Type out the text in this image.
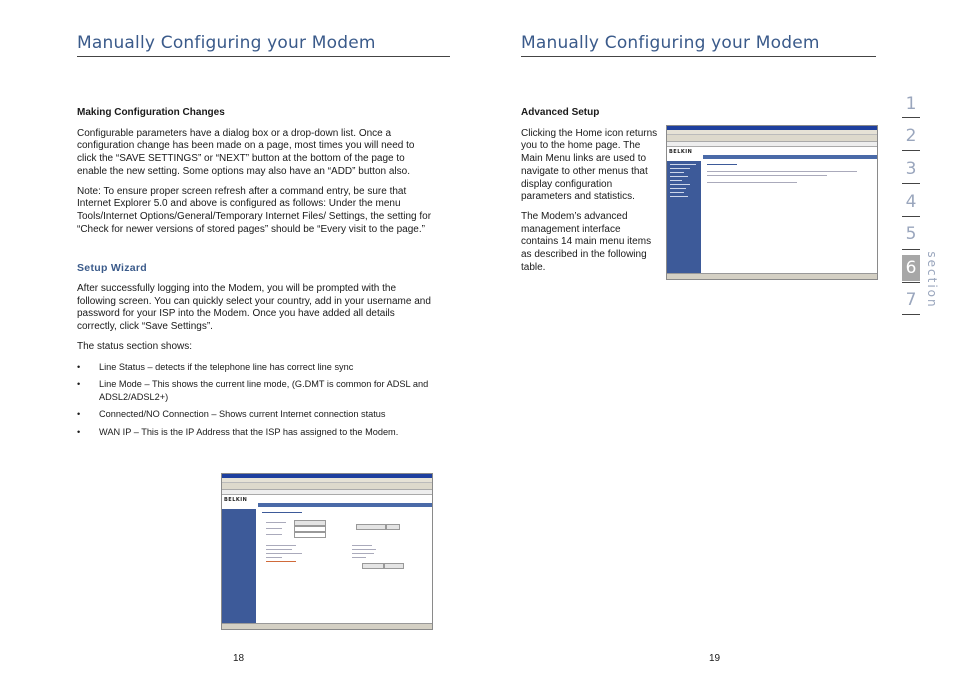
Manually Configuring your Modem

Making Configuration Changes

Configurable parameters have a dialog box or a drop-down list. Once a configuration change has been made on a page, most times you will need to click the “SAVE SETTINGS” or “NEXT” button at the bottom of the page to enable the new setting. Some options may also have an “ADD” button also.

Note: To ensure proper screen refresh after a command entry, be sure that Internet Explorer 5.0 and above is configured as follows: Under the menu Tools/Internet Options/General/Temporary Internet Files/ Settings, the setting for “Check for newer versions of stored pages” should be “Every visit to the page.”

Setup Wizard

After successfully logging into the Modem, you will be prompted with the following screen. You can quickly select your country, add in your username and password for your ISP into the Modem. Once you have added all details correctly, click “Save Settings”.

The status section shows:

• Line Status – detects if the telephone line has correct line sync
• Line Mode – This shows the current line mode, (G.DMT is common for ADSL and ADSL2/ADSL2+)
• Connected/NO Connection – Shows current Internet connection status
• WAN IP – This is the IP Address that the ISP has assigned to the Modem.
BELKIN
18
Manually Configuring your Modem

Advanced Setup

Clicking the Home icon returns you to the home page. The Main Menu links are used to navigate to other menus that display configuration parameters and statistics.

The Modem’s advanced management interface contains 14 main menu items as described in the following table.

BELKIN
19
1
2
3
4
5
6
7 section
